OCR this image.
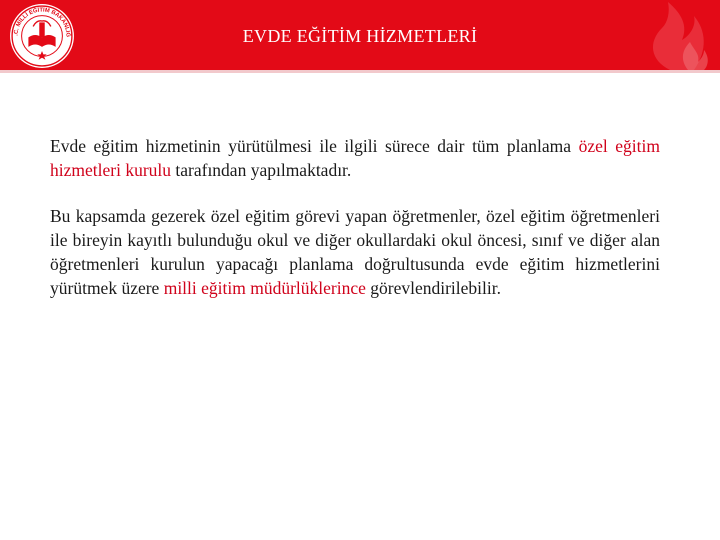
.C. MİLLİ EĞİTİM BAKANLIĞ	EVDE EĞİTİM HİZMETLERİ

Evde eğitim hizmetinin yürütülmesi ile ilgili sürece dair tüm planlama özel eğitim hizmetleri kurulu tarafından yapılmaktadır.

Bu kapsamda gezerek özel eğitim görevi yapan öğretmenler, özel eğitim öğretmenleri ile bireyin kayıtlı bulunduğu okul ve diğer okullardaki okul öncesi, sınıf ve diğer alan öğretmenleri kurulun yapacağı planlama doğrultusunda evde eğitim hizmetlerini yürütmek üzere milli eğitim müdürlüklerince görevlendirilebilir.
